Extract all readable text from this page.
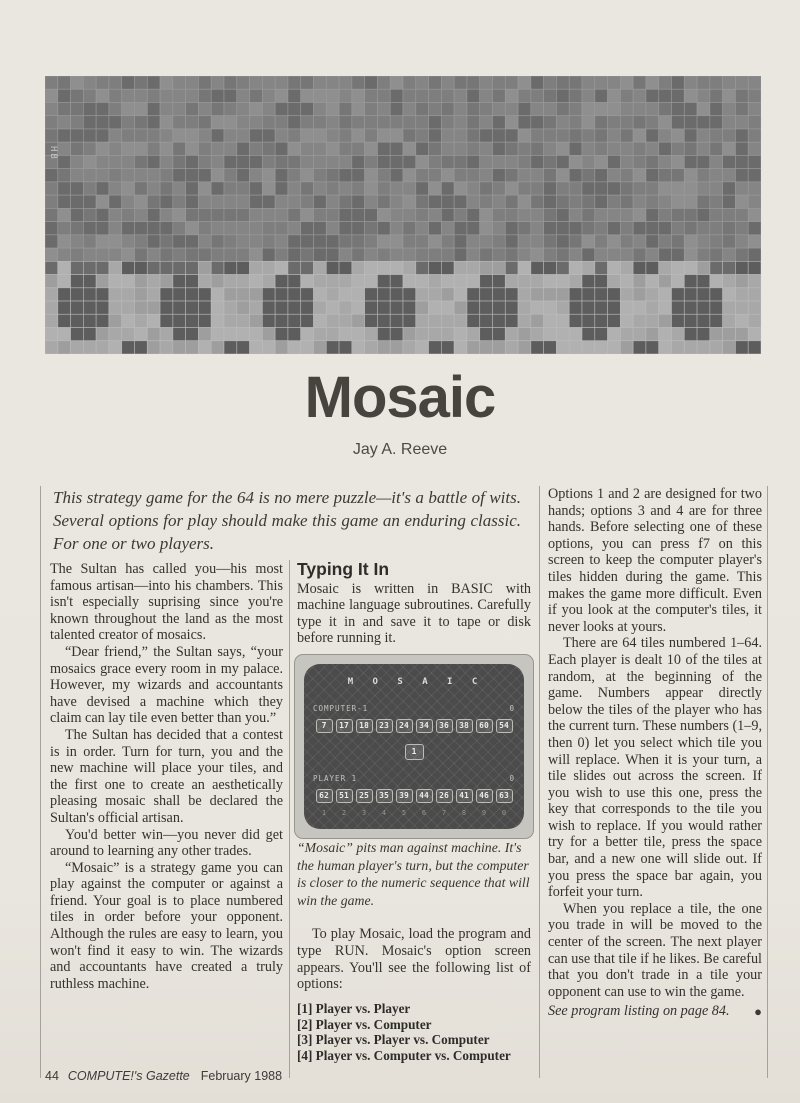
HB
Mosaic
Jay A. Reeve
This strategy game for the 64 is no mere puzzle—it's a battle of wits. Several options for play should make this game an enduring classic. For one or two players.

The Sultan has called you—his most famous artisan—into his chambers. This isn't especially suprising since you're known throughout the land as the most talented creator of mosaics.

“Dear friend,” the Sultan says, “your mosaics grace every room in my palace. However, my wizards and accountants have devised a machine which they claim can lay tile even better than you.”

The Sultan has decided that a contest is in order. Turn for turn, you and the new machine will place your tiles, and the first one to create an aesthetically pleasing mosaic shall be declared the Sultan's official artisan.

You'd better win—you never did get around to learning any other trades.

“Mosaic” is a strategy game you can play against the computer or against a friend. Your goal is to place numbered tiles in order before your opponent. Although the rules are easy to learn, you won't find it easy to win. The wizards and accountants have created a truly ruthless machine.

Typing It In

Mosaic is written in BASIC with machine language subroutines. Carefully type it in and save it to tape or disk before running it.

M O S A I C
COMPUTER-1	0
7	17	18	23	24	34	36	38	60	54
1
PLAYER 1	0
62	51	25	35	39	44	26	41	46	63
1	2	3	4	5	6	7	8	9	0

“Mosaic” pits man against machine. It's the human player's turn, but the computer is closer to the numeric sequence that will win the game.

To play Mosaic, load the program and type RUN. Mosaic's option screen appears. You'll see the following list of options:

[1] Player vs. Player
[2] Player vs. Computer
[3] Player vs. Player vs. Computer
[4] Player vs. Computer vs. Computer

Options 1 and 2 are designed for two hands; options 3 and 4 are for three hands. Before selecting one of these options, you can press f7 on this screen to keep the computer player's tiles hidden during the game. This makes the game more difficult. Even if you look at the computer's tiles, it never looks at yours.

There are 64 tiles numbered 1–64. Each player is dealt 10 of the tiles at random, at the beginning of the game. Numbers appear directly below the tiles of the player who has the current turn. These numbers (1–9, then 0) let you select which tile you will replace. When it is your turn, a tile slides out across the screen. If you wish to use this one, press the key that corresponds to the tile you wish to replace. If you would rather try for a better tile, press the space bar, and a new one will slide out. If you press the space bar again, you forfeit your turn.

When you replace a tile, the one you trade in will be moved to the center of the screen. The next player can use that tile if he likes. Be careful that you don't trade in a tile your opponent can use to win the game.

See program listing on page 84. ●
44 COMPUTE!'s Gazette February 1988
